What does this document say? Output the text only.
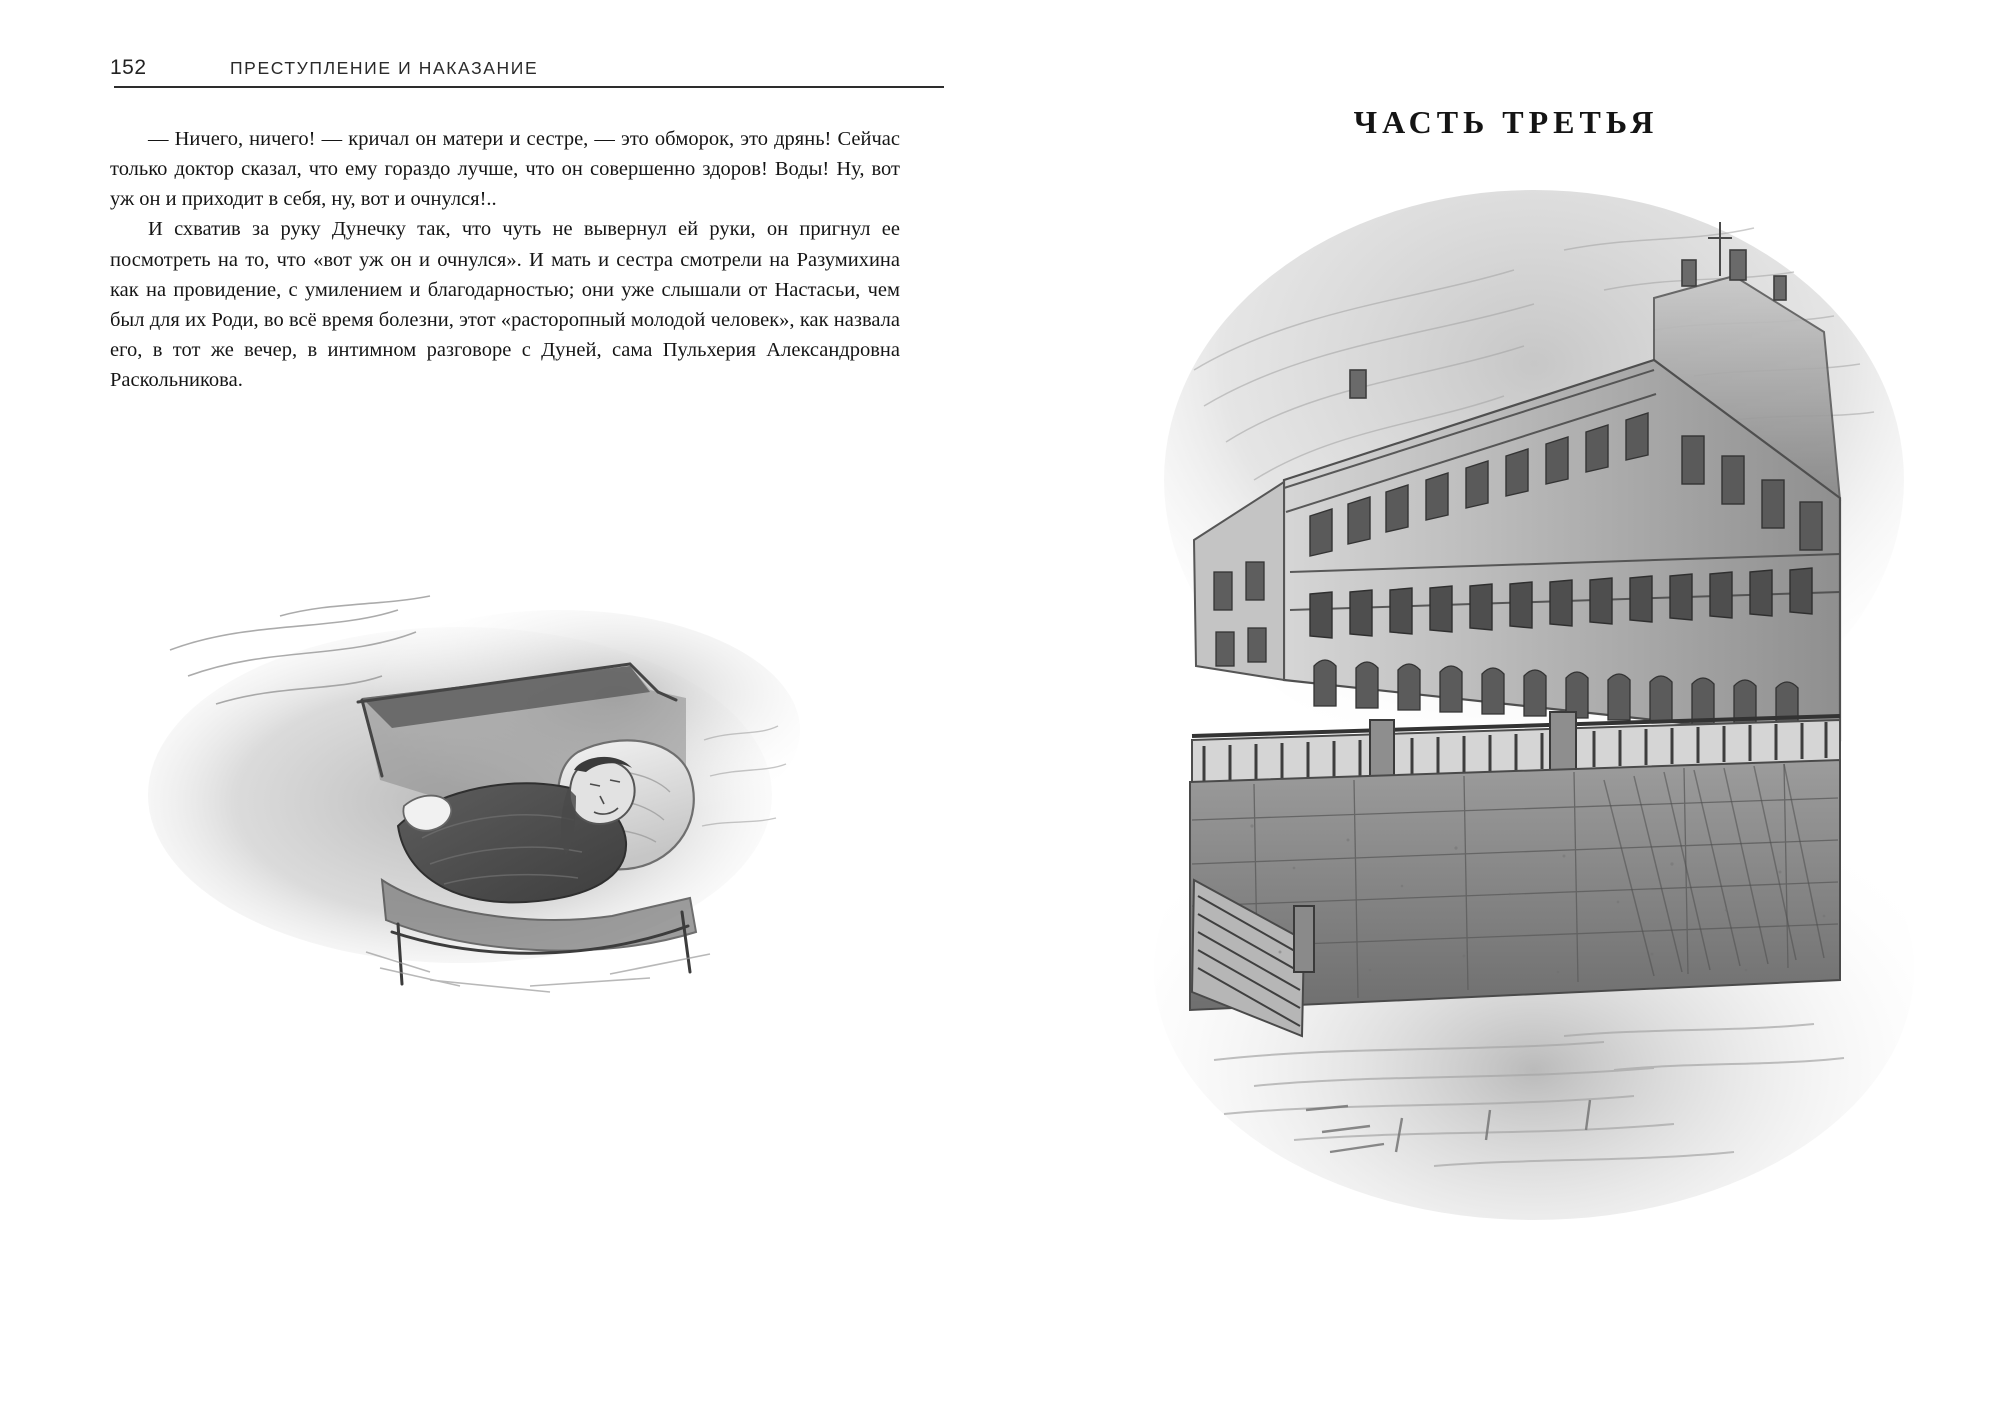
152	ПРЕСТУПЛЕНИЕ И НАКАЗАНИЕ

— Ничего, ничего! — кричал он матери и сестре, — это обморок, это дрянь! Сейчас только доктор сказал, что ему гораздо лучше, что он совершенно здоров! Воды! Ну, вот уж он и приходит в себя, ну, вот и очнулся!..

И схватив за руку Дунечку так, что чуть не вывернул ей руки, он пригнул ее посмотреть на то, что «вот уж он и очнулся». И мать и сестра смотрели на Разумихина как на провидение, с умилением и благодарностью; они уже слышали от Настасьи, чем был для их Роди, во всё время болезни, этот «расторопный молодой человек», как назвала его, в тот же вечер, в интимном разговоре с Дуней, сама Пульхерия Александровна Раскольникова.

ЧАСТЬ ТРЕТЬЯ
